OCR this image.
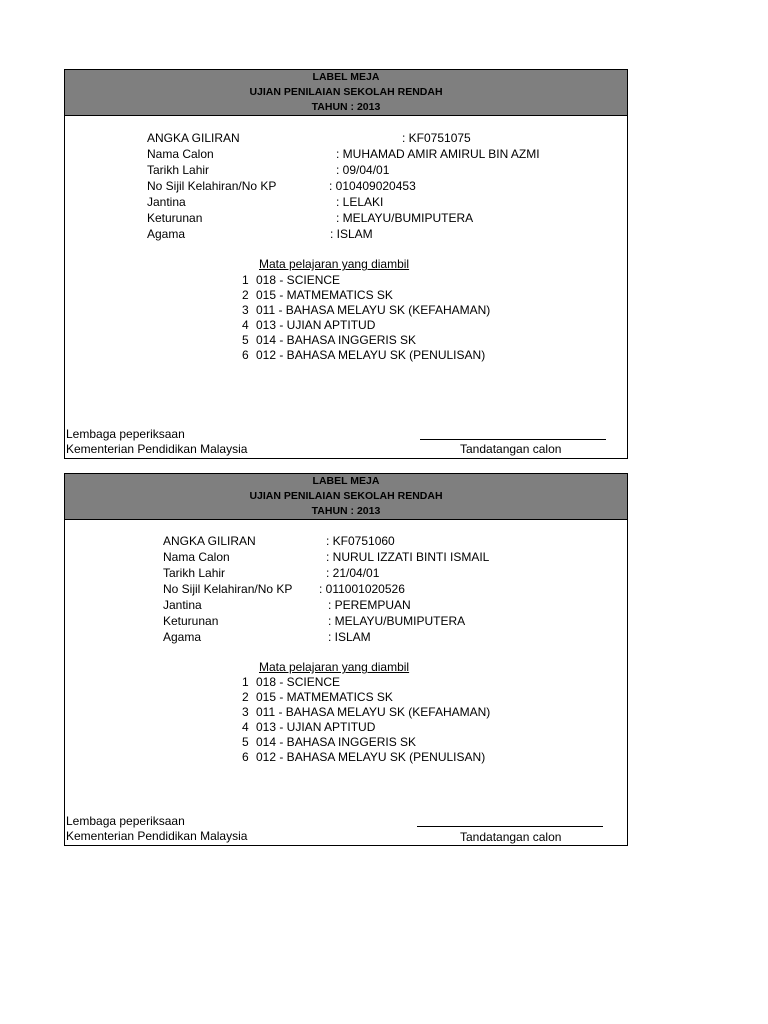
LABEL MEJA
UJIAN PENILAIAN SEKOLAH RENDAH
TAHUN : 2013
ANGKA GILIRAN	: KF0751075
Nama Calon	: MUHAMAD AMIR AMIRUL BIN AZMI
Tarikh Lahir	: 09/04/01
No Sijil Kelahiran/No KP	: 010409020453
Jantina	: LELAKI
Keturunan	: MELAYU/BUMIPUTERA
Agama	: ISLAM
Mata pelajaran yang diambil
1 018 - SCIENCE
2 015 - MATMEMATICS SK
3 011 - BAHASA MELAYU SK (KEFAHAMAN)
4 013 - UJIAN APTITUD
5 014 - BAHASA INGGERIS SK
6 012 - BAHASA MELAYU SK (PENULISAN)
Lembaga peperiksaan
Kementerian Pendidikan Malaysia	Tandatangan calon
LABEL MEJA
UJIAN PENILAIAN SEKOLAH RENDAH
TAHUN : 2013
ANGKA GILIRAN	: KF0751060
Nama Calon	: NURUL IZZATI BINTI ISMAIL
Tarikh Lahir	: 21/04/01
No Sijil Kelahiran/No KP : 011001020526
Jantina	: PEREMPUAN
Keturunan	: MELAYU/BUMIPUTERA
Agama	: ISLAM
Mata pelajaran yang diambil
1 018 - SCIENCE
2 015 - MATMEMATICS SK
3 011 - BAHASA MELAYU SK (KEFAHAMAN)
4 013 - UJIAN APTITUD
5 014 - BAHASA INGGERIS SK
6 012 - BAHASA MELAYU SK (PENULISAN)
Lembaga peperiksaan
Kementerian Pendidikan Malaysia	Tandatangan calon
